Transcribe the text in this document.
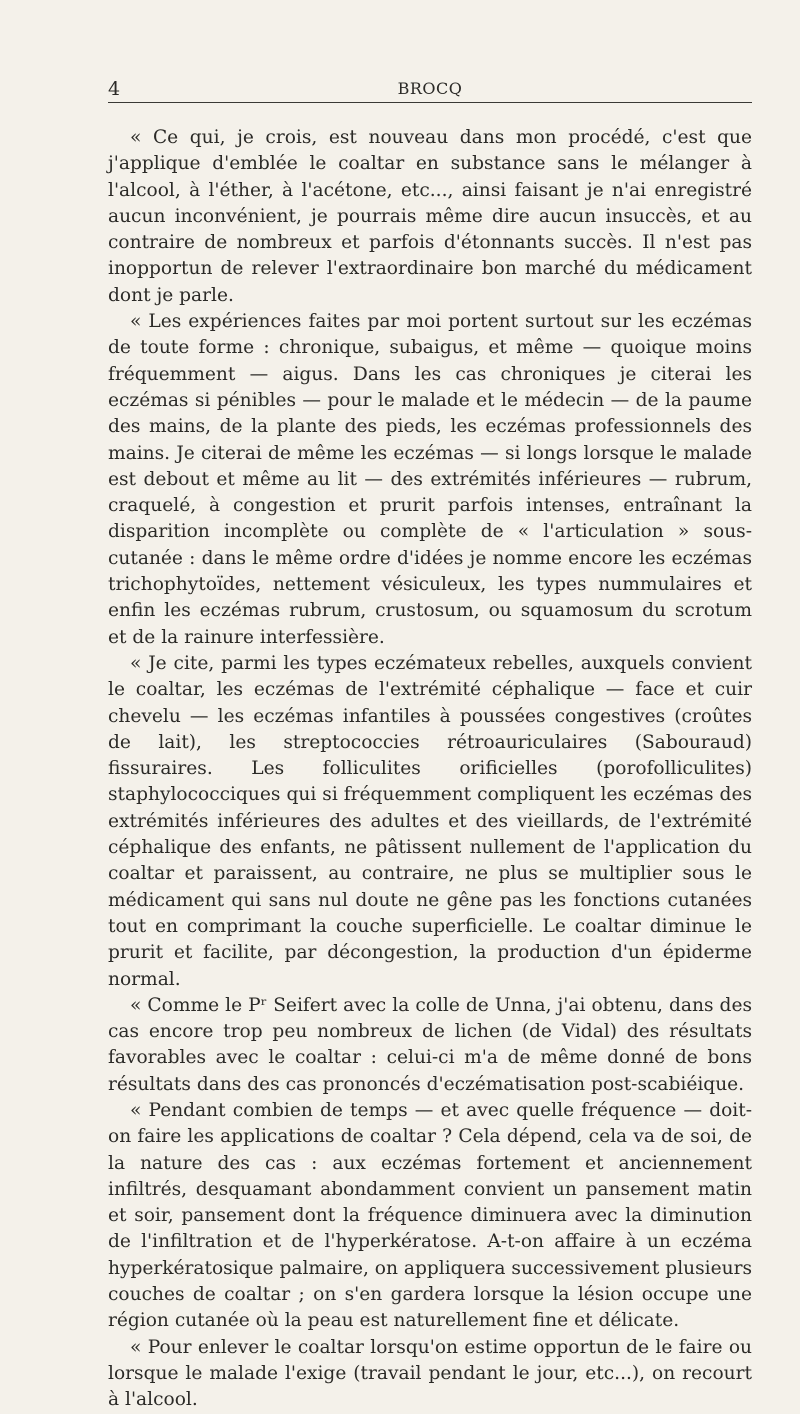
4	BROCQ

« Ce qui, je crois, est nouveau dans mon procédé, c'est que j'applique d'emblée le coaltar en substance sans le mélanger à l'alcool, à l'éther, à l'acétone, etc..., ainsi faisant je n'ai enregistré aucun inconvénient, je pourrais même dire aucun insuccès, et au contraire de nombreux et parfois d'étonnants succès. Il n'est pas inopportun de relever l'extraordinaire bon marché du médicament dont je parle.

« Les expériences faites par moi portent surtout sur les eczémas de toute forme : chronique, subaigus, et même — quoique moins fréquemment — aigus. Dans les cas chroniques je citerai les eczémas si pénibles — pour le malade et le médecin — de la paume des mains, de la plante des pieds, les eczémas professionnels des mains. Je citerai de même les eczémas — si longs lorsque le malade est debout et même au lit — des extrémités inférieures — rubrum, craquelé, à congestion et prurit parfois intenses, entraînant la disparition incomplète ou complète de « l'articulation » sous-cutanée : dans le même ordre d'idées je nomme encore les eczémas trichophytoïdes, nettement vésiculeux, les types nummulaires et enfin les eczémas rubrum, crustosum, ou squamosum du scrotum et de la rainure interfessière.

« Je cite, parmi les types eczémateux rebelles, auxquels convient le coaltar, les eczémas de l'extrémité céphalique — face et cuir chevelu — les eczémas infantiles à poussées congestives (croûtes de lait), les streptococcies rétroauriculaires (Sabouraud) fissuraires. Les folliculites orificielles (porofolliculites) staphylococciques qui si fréquemment compliquent les eczémas des extrémités inférieures des adultes et des vieillards, de l'extrémité céphalique des enfants, ne pâtissent nullement de l'application du coaltar et paraissent, au contraire, ne plus se multiplier sous le médicament qui sans nul doute ne gêne pas les fonctions cutanées tout en comprimant la couche superficielle. Le coaltar diminue le prurit et facilite, par décongestion, la production d'un épiderme normal.

« Comme le Pʳ Seifert avec la colle de Unna, j'ai obtenu, dans des cas encore trop peu nombreux de lichen (de Vidal) des résultats favorables avec le coaltar : celui-ci m'a de même donné de bons résultats dans des cas prononcés d'eczématisation post-scabiéique.

« Pendant combien de temps — et avec quelle fréquence — doit-on faire les applications de coaltar ? Cela dépend, cela va de soi, de la nature des cas : aux eczémas fortement et anciennement infiltrés, desquamant abondamment convient un pansement matin et soir, pansement dont la fréquence diminuera avec la diminution de l'infiltration et de l'hyperkératose. A-t-on affaire à un eczéma hyperkératosique palmaire, on appliquera successivement plusieurs couches de coaltar ; on s'en gardera lorsque la lésion occupe une région cutanée où la peau est naturellement fine et délicate.

« Pour enlever le coaltar lorsqu'on estime opportun de le faire ou lorsque le malade l'exige (travail pendant le jour, etc...), on recourt à l'alcool.
